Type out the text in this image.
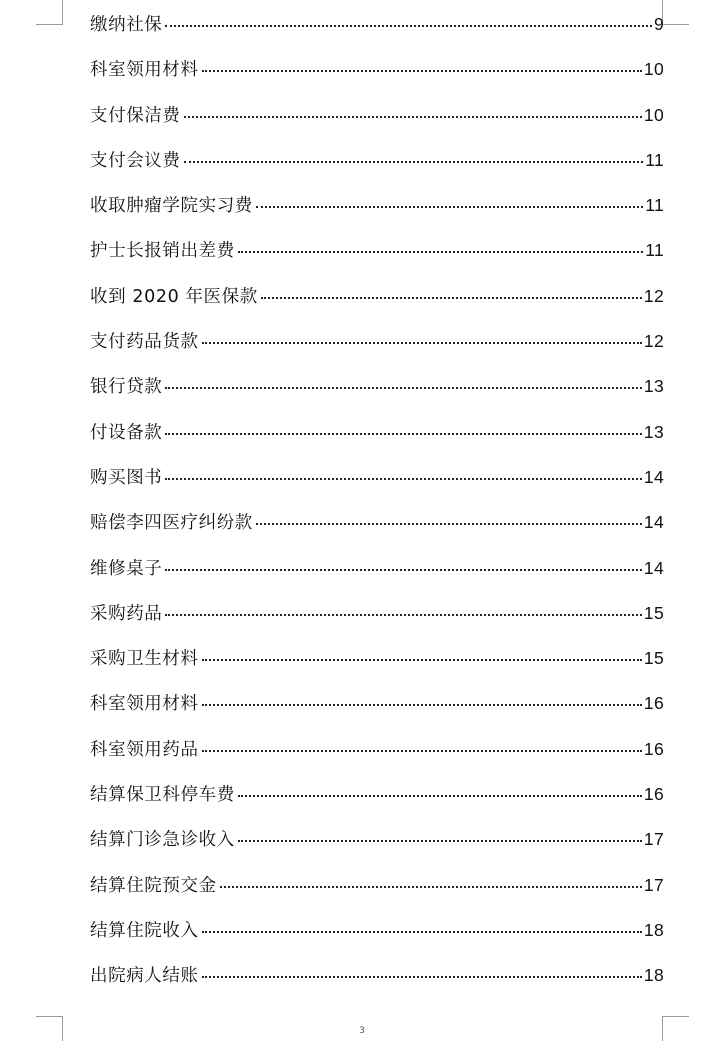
缴纳社保	9
科室领用材料	10
支付保洁费	10
支付会议费	11
收取肿瘤学院实习费	11
护士长报销出差费	11
收到 2020 年医保款	12
支付药品货款	12
银行贷款	13
付设备款	13
购买图书	14
赔偿李四医疗纠纷款	14
维修桌子	14
采购药品	15
采购卫生材料	15
科室领用材料	16
科室领用药品	16
结算保卫科停车费	16
结算门诊急诊收入	17
结算住院预交金	17
结算住院收入	18
出院病人结账	18
3
